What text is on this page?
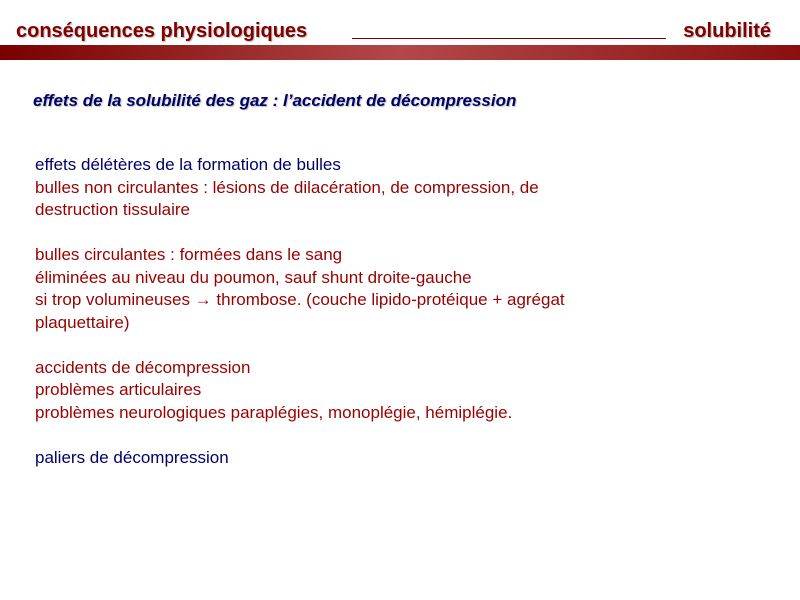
conséquences physiologiques	solubilité
effets de la solubilité des gaz : l’accident de décompression
effets délétères de la formation de bulles
bulles non circulantes : lésions de dilacération, de compression, de
destruction tissulaire
bulles circulantes : formées dans le sang
éliminées au niveau du poumon, sauf shunt droite-gauche
si trop volumineuses → thrombose. (couche lipido-protéique + agrégat
plaquettaire)
accidents de décompression
problèmes articulaires
problèmes neurologiques paraplégies, monoplégie, hémiplégie.
paliers de décompression
